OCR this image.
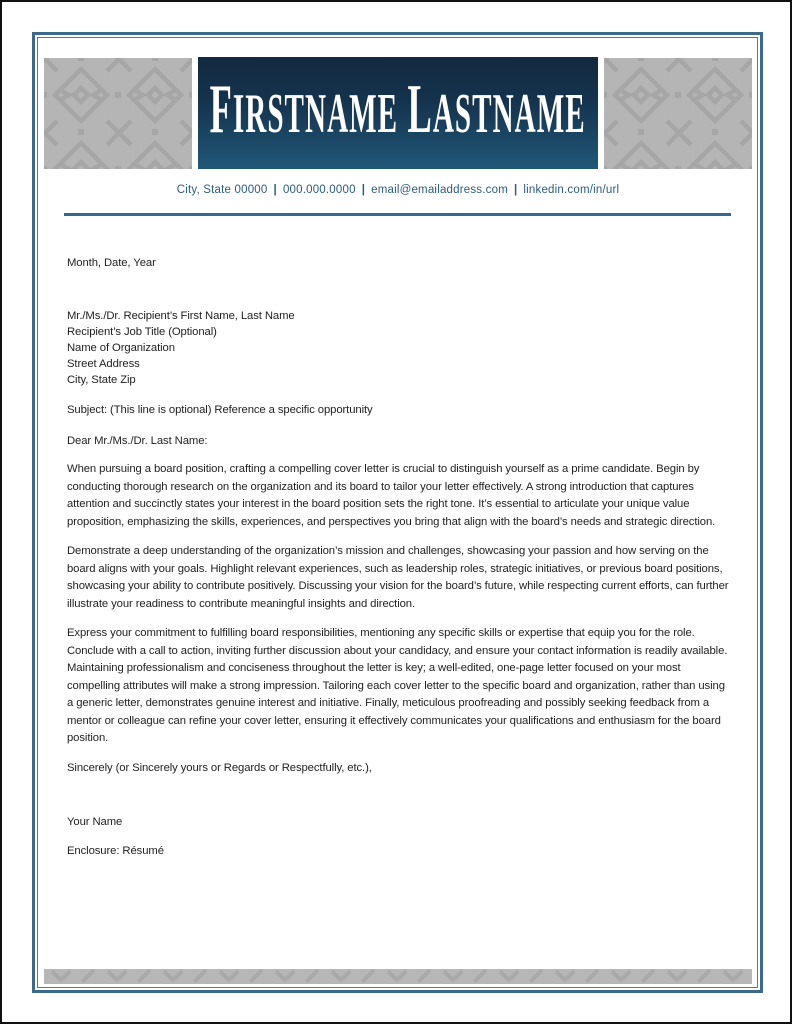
FIRSTNAME LASTNAME
City, State 00000 | 000.000.0000 | email@emailaddress.com | linkedin.com/in/url

Month, Date, Year

Mr./Ms./Dr. Recipient’s First Name, Last Name
Recipient’s Job Title (Optional)
Name of Organization
Street Address
City, State Zip

Subject: (This line is optional) Reference a specific opportunity

Dear Mr./Ms./Dr. Last Name:

When pursuing a board position, crafting a compelling cover letter is crucial to distinguish yourself as a prime candidate. Begin by conducting thorough research on the organization and its board to tailor your letter effectively. A strong introduction that captures attention and succinctly states your interest in the board position sets the right tone. It’s essential to articulate your unique value proposition, emphasizing the skills, experiences, and perspectives you bring that align with the board’s needs and strategic direction.

Demonstrate a deep understanding of the organization’s mission and challenges, showcasing your passion and how serving on the board aligns with your goals. Highlight relevant experiences, such as leadership roles, strategic initiatives, or previous board positions, showcasing your ability to contribute positively. Discussing your vision for the board’s future, while respecting current efforts, can further illustrate your readiness to contribute meaningful insights and direction.

Express your commitment to fulfilling board responsibilities, mentioning any specific skills or expertise that equip you for the role. Conclude with a call to action, inviting further discussion about your candidacy, and ensure your contact information is readily available. Maintaining professionalism and conciseness throughout the letter is key; a well-edited, one-page letter focused on your most compelling attributes will make a strong impression. Tailoring each cover letter to the specific board and organization, rather than using a generic letter, demonstrates genuine interest and initiative. Finally, meticulous proofreading and possibly seeking feedback from a mentor or colleague can refine your cover letter, ensuring it effectively communicates your qualifications and enthusiasm for the board position.

Sincerely (or Sincerely yours or Regards or Respectfully, etc.),

Your Name

Enclosure: Résumé
